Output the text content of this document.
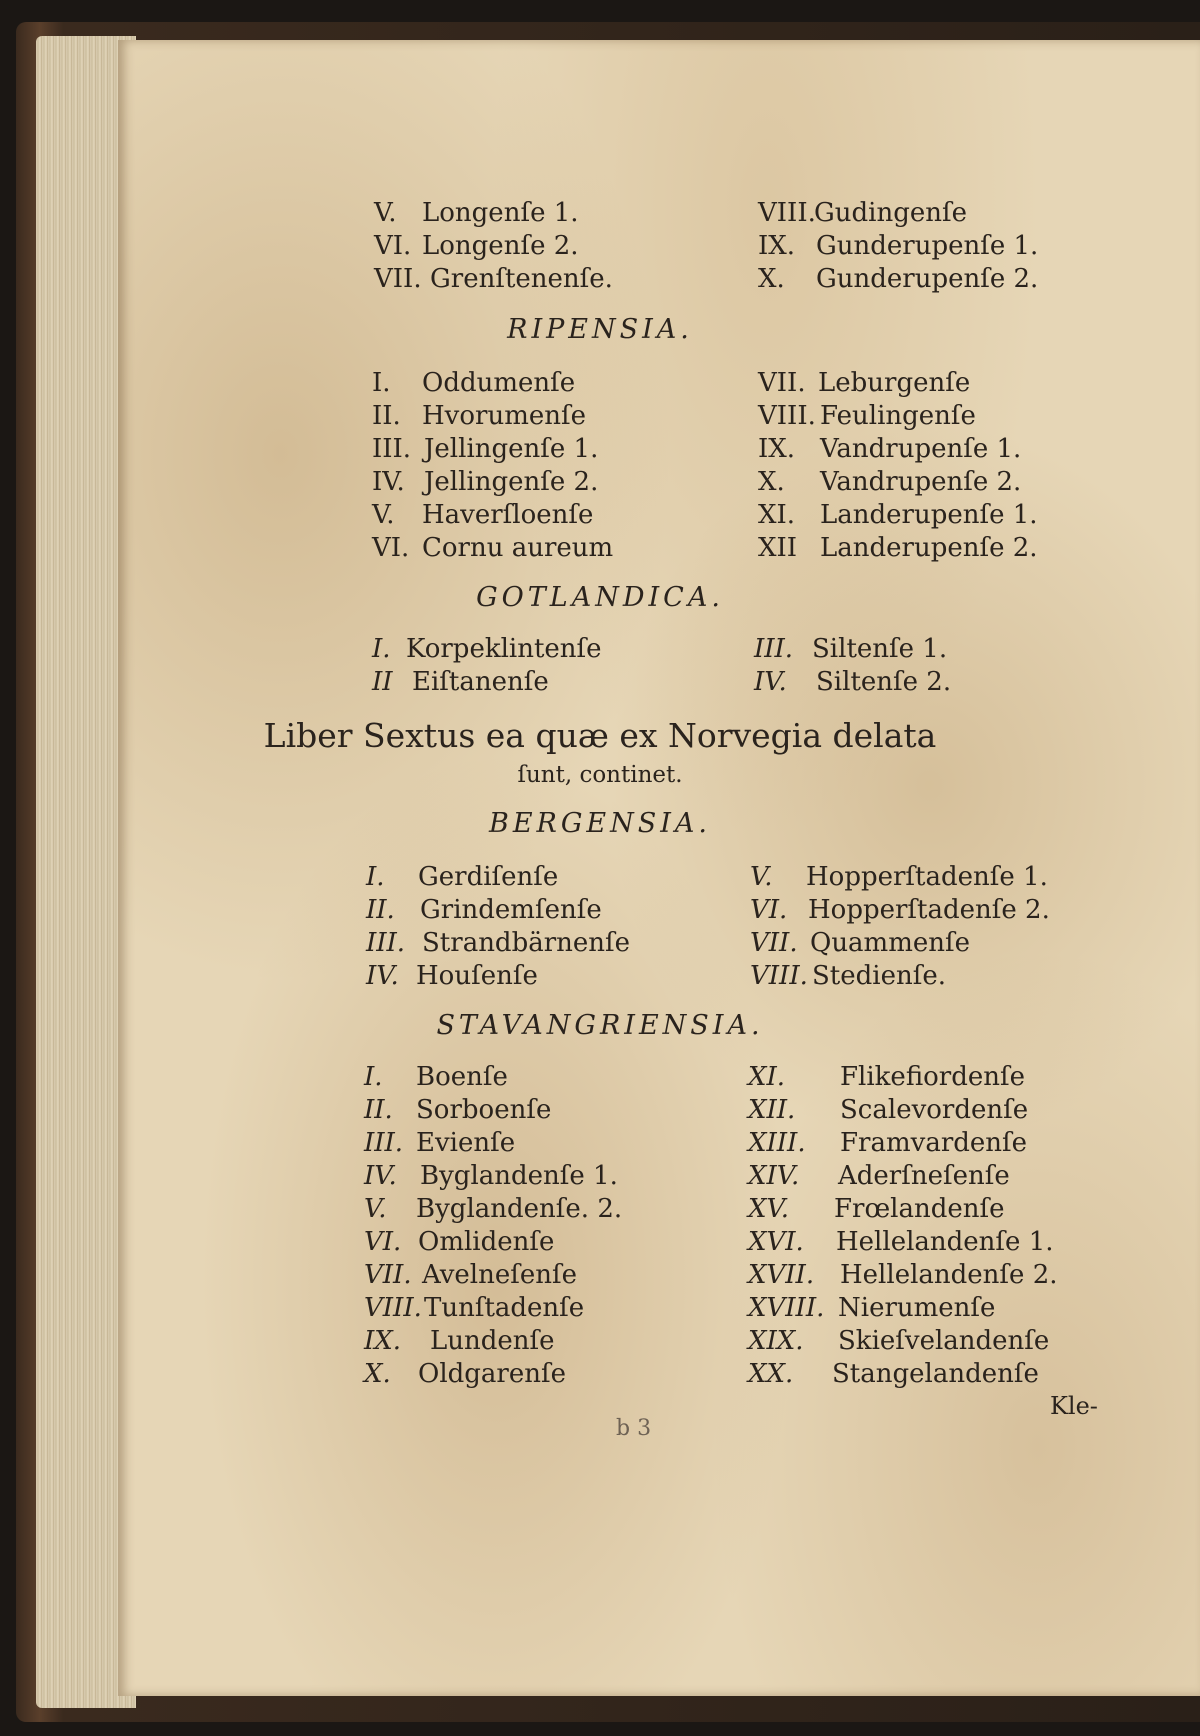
V. Longenſe 1.
VI. Longenſe 2.
VII. Grenſtenenſe.
VIII.
Gudingenſe
IX. Gunderupenſe 1.
X. Gunderupenſe 2.
RIPENSIA.
I. Oddumenſe
II. Hvorumenſe
III. Jellingenſe 1.
IV. Jellingenſe 2.
V. Haverſloenſe
VI. Cornu aureum
VII. Leburgenſe
VIII. Feulingenſe
IX. Vandrupenſe 1.
X. Vandrupenſe 2.
XI. Landerupenſe 1.
XII Landerupenſe 2.
GOTLANDICA.
I. Korpeklintenſe
II Eiſtanenſe
III. Siltenſe 1.
IV. Siltenſe 2.
Liber Sextus ea quæ ex Norvegia delata
ſunt, continet.
BERGENSIA.
I. Gerdiſenſe
II. Grindemſenſe
III. Strandbärnenſe
IV. Houſenſe
V. Hopperſtadenſe 1.
VI. Hopperſtadenſe 2.
VII. Quammenſe
VIII. Stedienſe.
STAVANGRIENSIA.
I. Boenſe
II. Sorboenſe
III. Evienſe
IV. Byglandenſe 1.
V. Byglandenſe. 2.
VI. Omlidenſe
VII. Avelneſenſe
VIII. Tunſtadenſe
IX. Lundenſe
X. Oldgarenſe
XI. Flikefiordenſe
XII. Scalevordenſe
XIII. Framvardenſe
XIV. Aderſneſenſe
XV. Frœlandenſe
XVI. Hellelandenſe 1.
XVII. Hellelandenſe 2.
XVIII. Nierumenſe
XIX. Skieſvelandenſe
XX. Stangelandenſe
b 3
Kle-
